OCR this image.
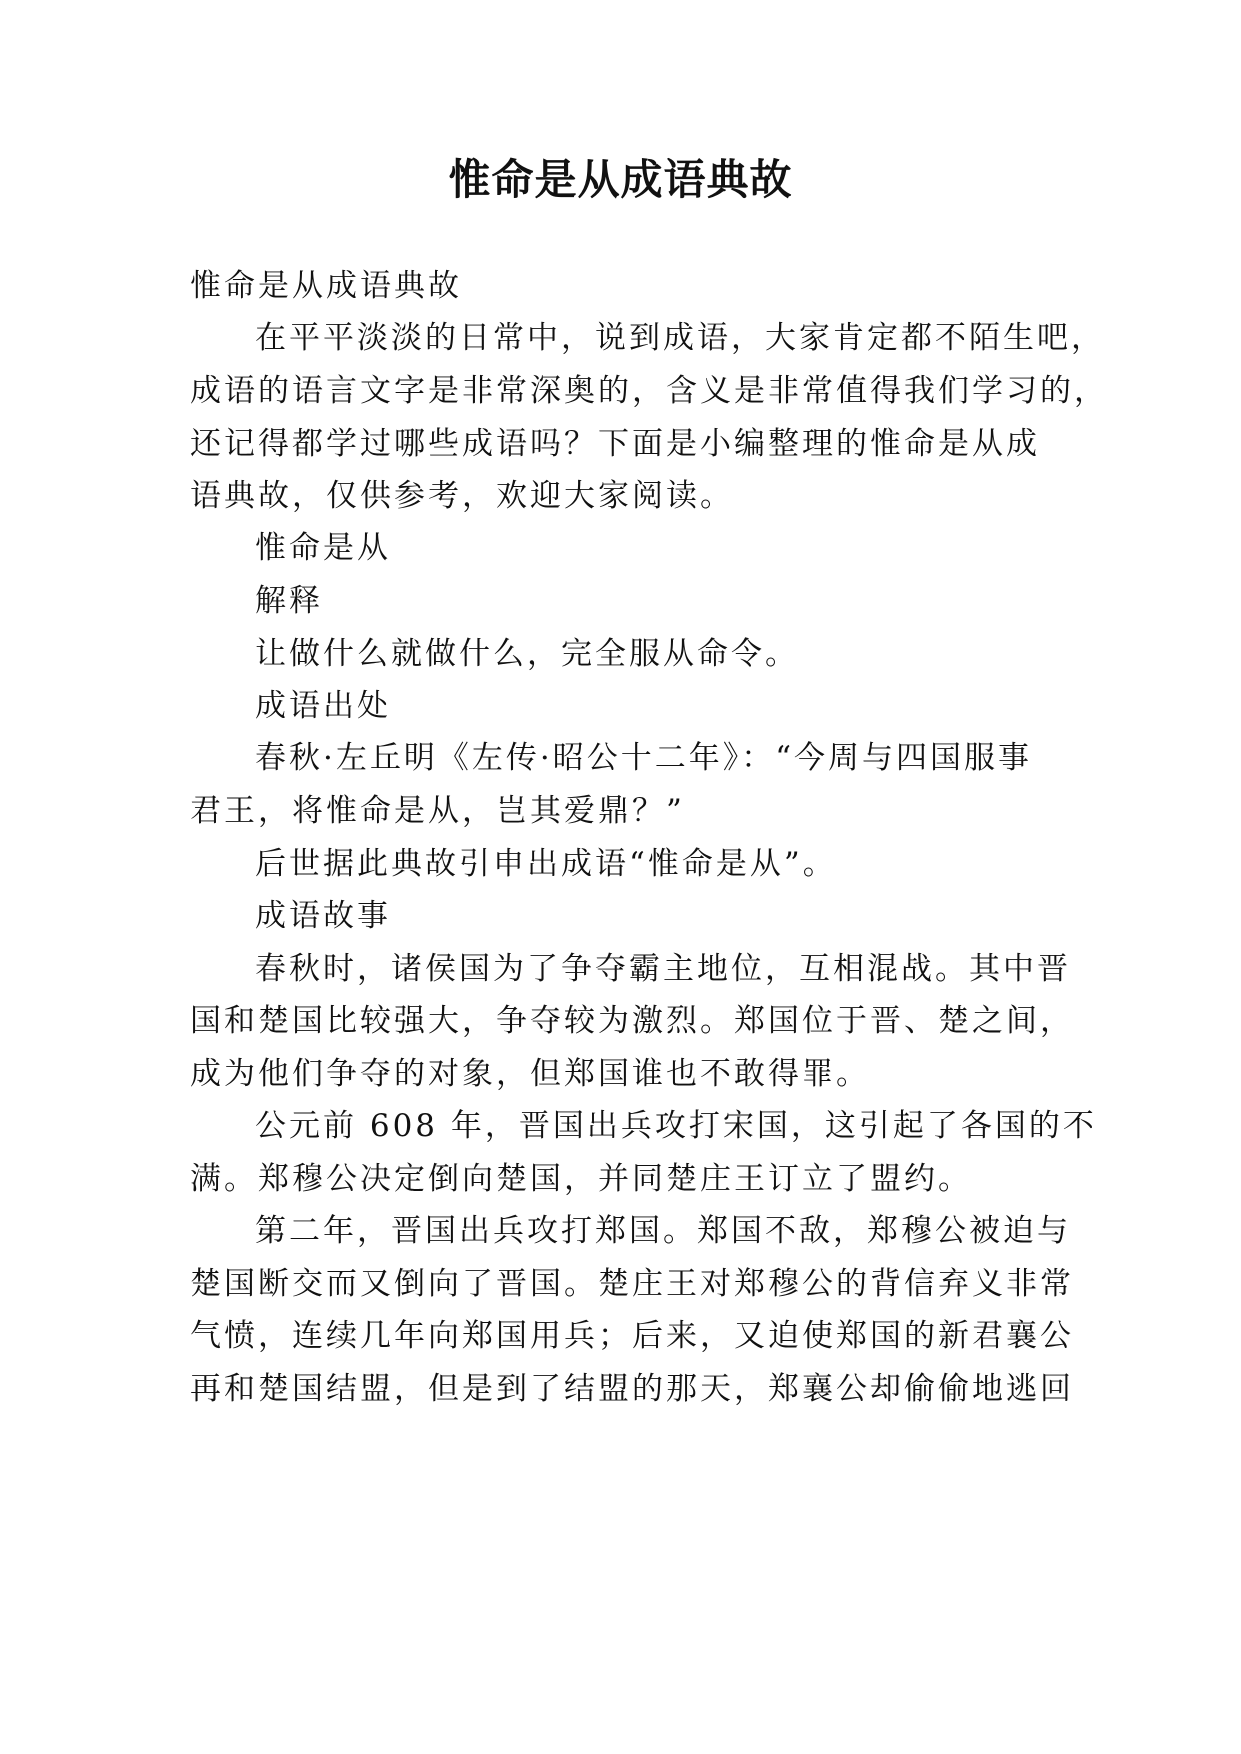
惟命是从成语典故
惟命是从成语典故
在平平淡淡的日常中，说到成语，大家肯定都不陌生吧，
成语的语言文字是非常深奥的，含义是非常值得我们学习的，
还记得都学过哪些成语吗？下面是小编整理的惟命是从成
语典故，仅供参考，欢迎大家阅读。
惟命是从
解释
让做什么就做什么，完全服从命令。
成语出处
春秋·左丘明《左传·昭公十二年》：“今周与四国服事
君王，将惟命是从，岂其爱鼎？”
后世据此典故引申出成语“惟命是从”。
成语故事
春秋时，诸侯国为了争夺霸主地位，互相混战。其中晋
国和楚国比较强大，争夺较为激烈。郑国位于晋、楚之间，
成为他们争夺的对象，但郑国谁也不敢得罪。
公元前 608 年，晋国出兵攻打宋国，这引起了各国的不
满。郑穆公决定倒向楚国，并同楚庄王订立了盟约。
第二年，晋国出兵攻打郑国。郑国不敌，郑穆公被迫与
楚国断交而又倒向了晋国。楚庄王对郑穆公的背信弃义非常
气愤，连续几年向郑国用兵；后来，又迫使郑国的新君襄公
再和楚国结盟，但是到了结盟的那天，郑襄公却偷偷地逃回
